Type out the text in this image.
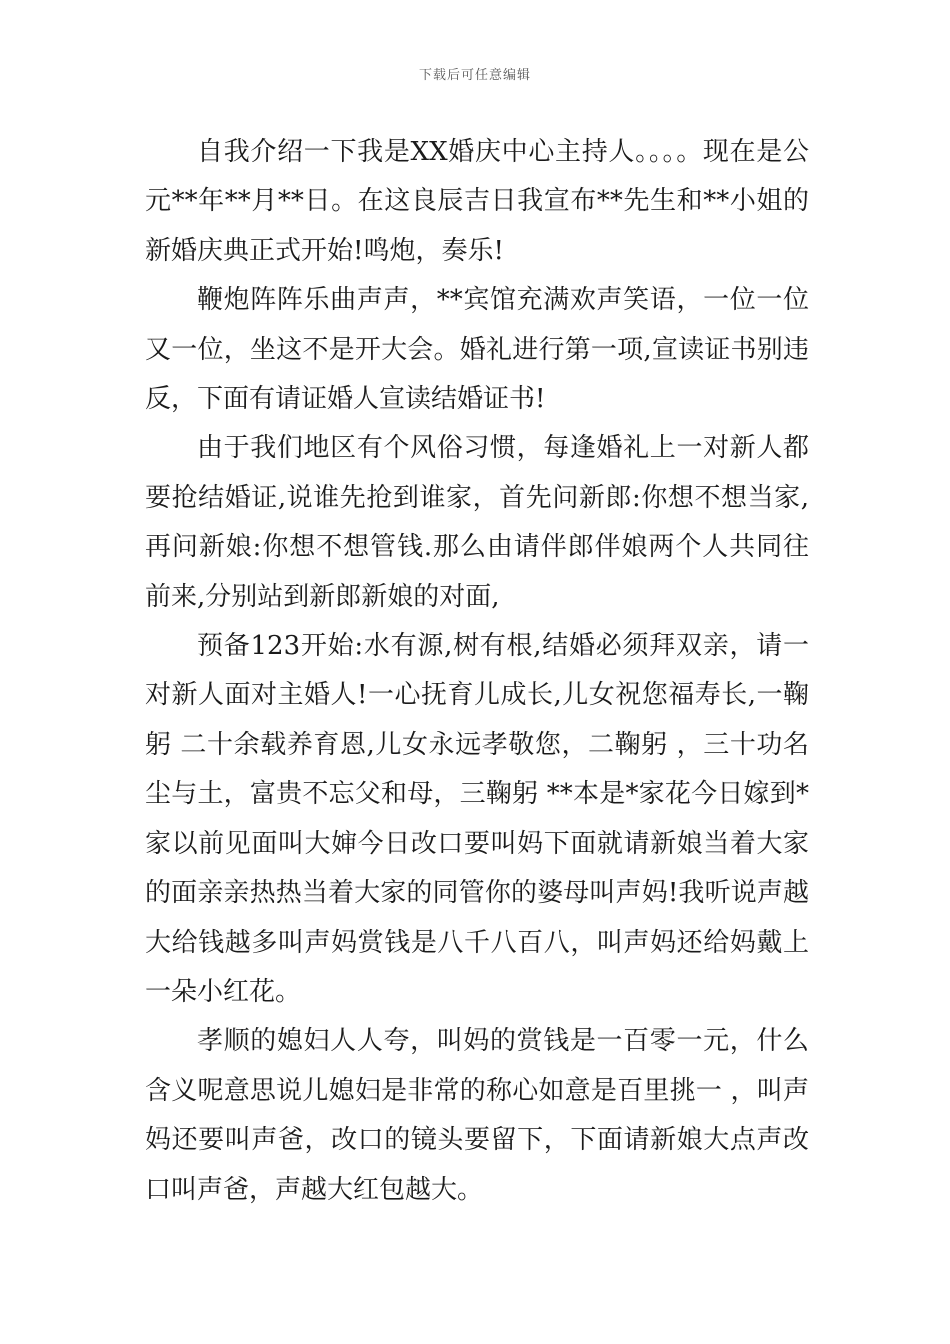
下载后可任意编辑

自我介绍一下我是XX婚庆中心主持人。。。。现在是公元**年**月**日。在这良辰吉日我宣布**先生和**小姐的新婚庆典正式开始!鸣炮，奏乐!

鞭炮阵阵乐曲声声，**宾馆充满欢声笑语，一位一位又一位，坐这不是开大会。婚礼进行第一项,宣读证书别违反，下面有请证婚人宣读结婚证书!

由于我们地区有个风俗习惯，每逢婚礼上一对新人都要抢结婚证,说谁先抢到谁家，首先问新郎:你想不想当家,再问新娘:你想不想管钱.那么由请伴郎伴娘两个人共同往前来,分别站到新郎新娘的对面,

预备123开始:水有源,树有根,结婚必须拜双亲，请一对新人面对主婚人!一心抚育儿成长,儿女祝您福寿长,一鞠躬 二十余载养育恩,儿女永远孝敬您，二鞠躬 ，三十功名尘与土，富贵不忘父和母，三鞠躬 **本是*家花今日嫁到*家以前见面叫大婶今日改口要叫妈下面就请新娘当着大家的面亲亲热热当着大家的同管你的婆母叫声妈!我听说声越大给钱越多叫声妈赏钱是八千八百八，叫声妈还给妈戴上一朵小红花。

孝顺的媳妇人人夸，叫妈的赏钱是一百零一元，什么含义呢意思说儿媳妇是非常的称心如意是百里挑一 ，叫声妈还要叫声爸，改口的镜头要留下，下面请新娘大点声改口叫声爸，声越大红包越大。
